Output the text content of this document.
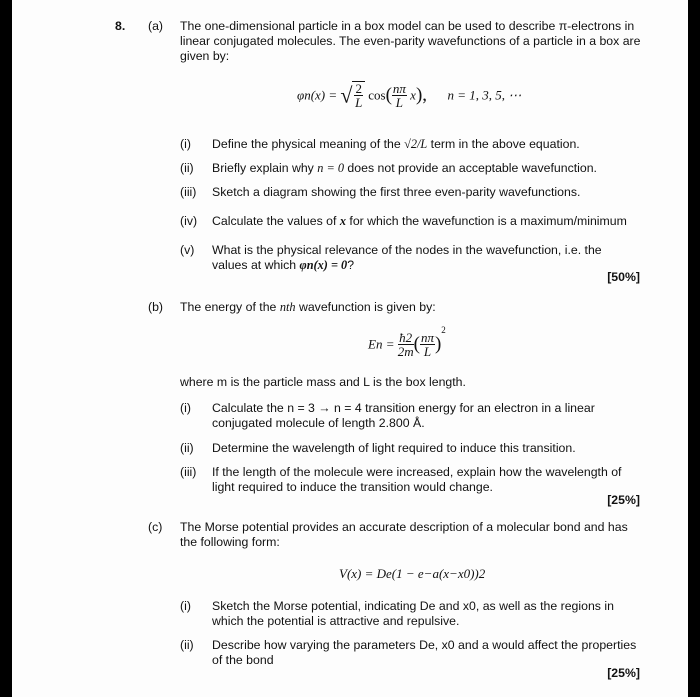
8. (a) The one-dimensional particle in a box model can be used to describe π-electrons in linear conjugated molecules. The even-parity wavefunctions of a particle in a box are given by:
φn(x) = √ $\frac{2}{L} \cos( \frac{n\pi}{L} x)$, n = 1, 3, 5, ⋯
(i) Define the physical meaning of the √2/L term in the above equation.
(ii) Briefly explain why n = 0 does not provide an acceptable wavefunction.
(iii) Sketch a diagram showing the first three even-parity wavefunctions.
(iv) Calculate the values of x for which the wavefunction is a maximum/minimum
(v) What is the physical relevance of the nodes in the wavefunction, i.e. the
values at which φn(x) = 0?
[50%]
(b) The energy of the nth wavefunction is given by:
$En = \frac{ħ2}{2m}$ ( $\frac{n\pi}{L} )^2$
where m is the particle mass and L is the box length.
(i) Calculate the n = 3 → n = 4 transition energy for an electron in a linear
conjugated molecule of length 2.800 Å.
(ii) Determine the wavelength of light required to induce this transition.
(iii) If the length of the molecule were increased, explain how the wavelength of
light required to induce the transition would change.
[25%]
(c) The Morse potential provides an accurate description of a molecular bond and has
the following form:
V(x) = De(1 − e−a(x−x0))2
(i) Sketch the Morse potential, indicating De and x0, as well as the regions in
which the potential is attractive and repulsive.
(ii) Describe how varying the parameters De, x0 and a would affect the properties
of the bond
[25%]
